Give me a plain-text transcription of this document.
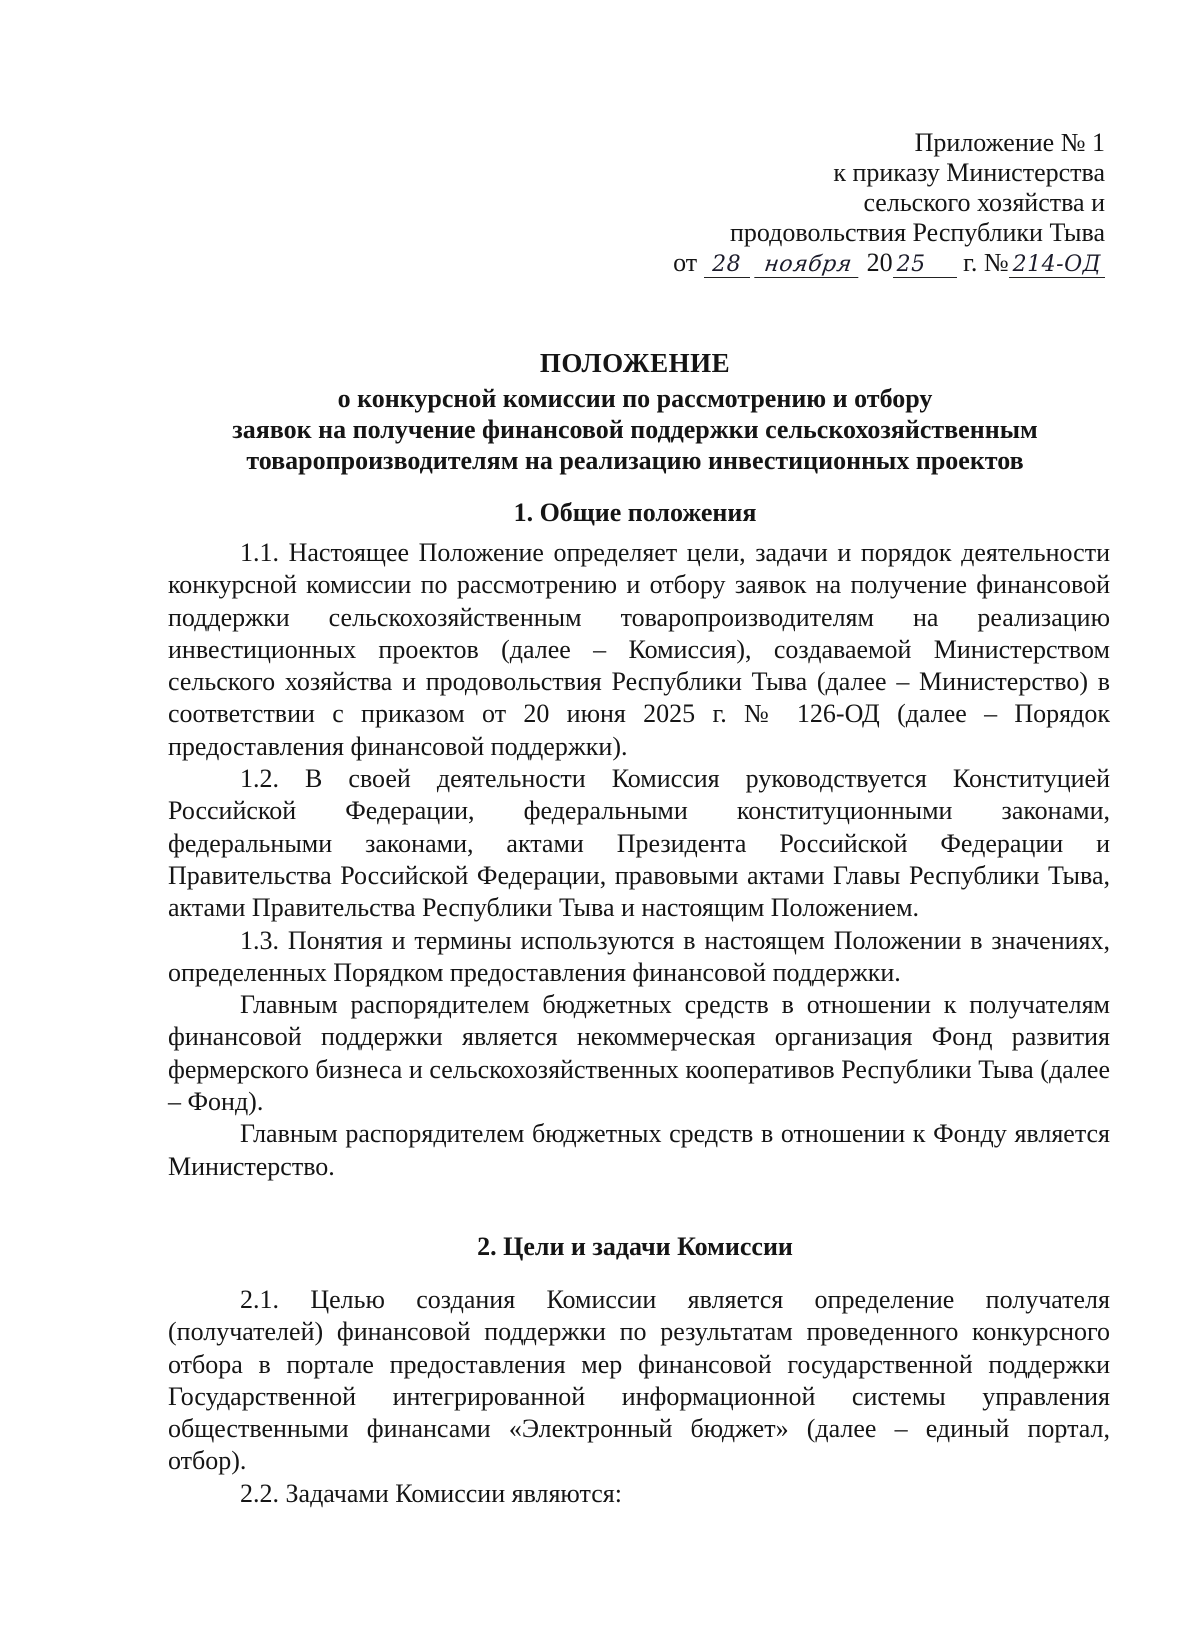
Приложение № 1
к приказу Министерства
сельского хозяйства и
продовольствия Республики Тыва
от 28 ноября 20 25 г. № 214-ОД
ПОЛОЖЕНИЕ
о конкурсной комиссии по рассмотрению и отбору
заявок на получение финансовой поддержки сельскохозяйственным
товаропроизводителям на реализацию инвестиционных проектов
1. Общие положения

1.1. Настоящее Положение определяет цели, задачи и порядок деятельности конкурсной комиссии по рассмотрению и отбору заявок на получение финансовой поддержки сельскохозяйственным товаропроизводителям на реализацию инвестиционных проектов (далее – Комиссия), создаваемой Министерством сельского хозяйства и продовольствия Республики Тыва (далее – Министерство) в соответствии с приказом от 20 июня 2025 г. № 126-ОД (далее – Порядок предоставления финансовой поддержки).

1.2. В своей деятельности Комиссия руководствуется Конституцией Российской Федерации, федеральными конституционными законами, федеральными законами, актами Президента Российской Федерации и Правительства Российской Федерации, правовыми актами Главы Республики Тыва, актами Правительства Республики Тыва и настоящим Положением.

1.3. Понятия и термины используются в настоящем Положении в значениях, определенных Порядком предоставления финансовой поддержки.

Главным распорядителем бюджетных средств в отношении к получателям финансовой поддержки является некоммерческая организация Фонд развития фермерского бизнеса и сельскохозяйственных кооперативов Республики Тыва (далее – Фонд).

Главным распорядителем бюджетных средств в отношении к Фонду является Министерство.

2. Цели и задачи Комиссии

2.1. Целью создания Комиссии является определение получателя (получателей) финансовой поддержки по результатам проведенного конкурсного отбора в портале предоставления мер финансовой государственной поддержки Государственной интегрированной информационной системы управления общественными финансами «Электронный бюджет» (далее – единый портал, отбор).

2.2. Задачами Комиссии являются:
